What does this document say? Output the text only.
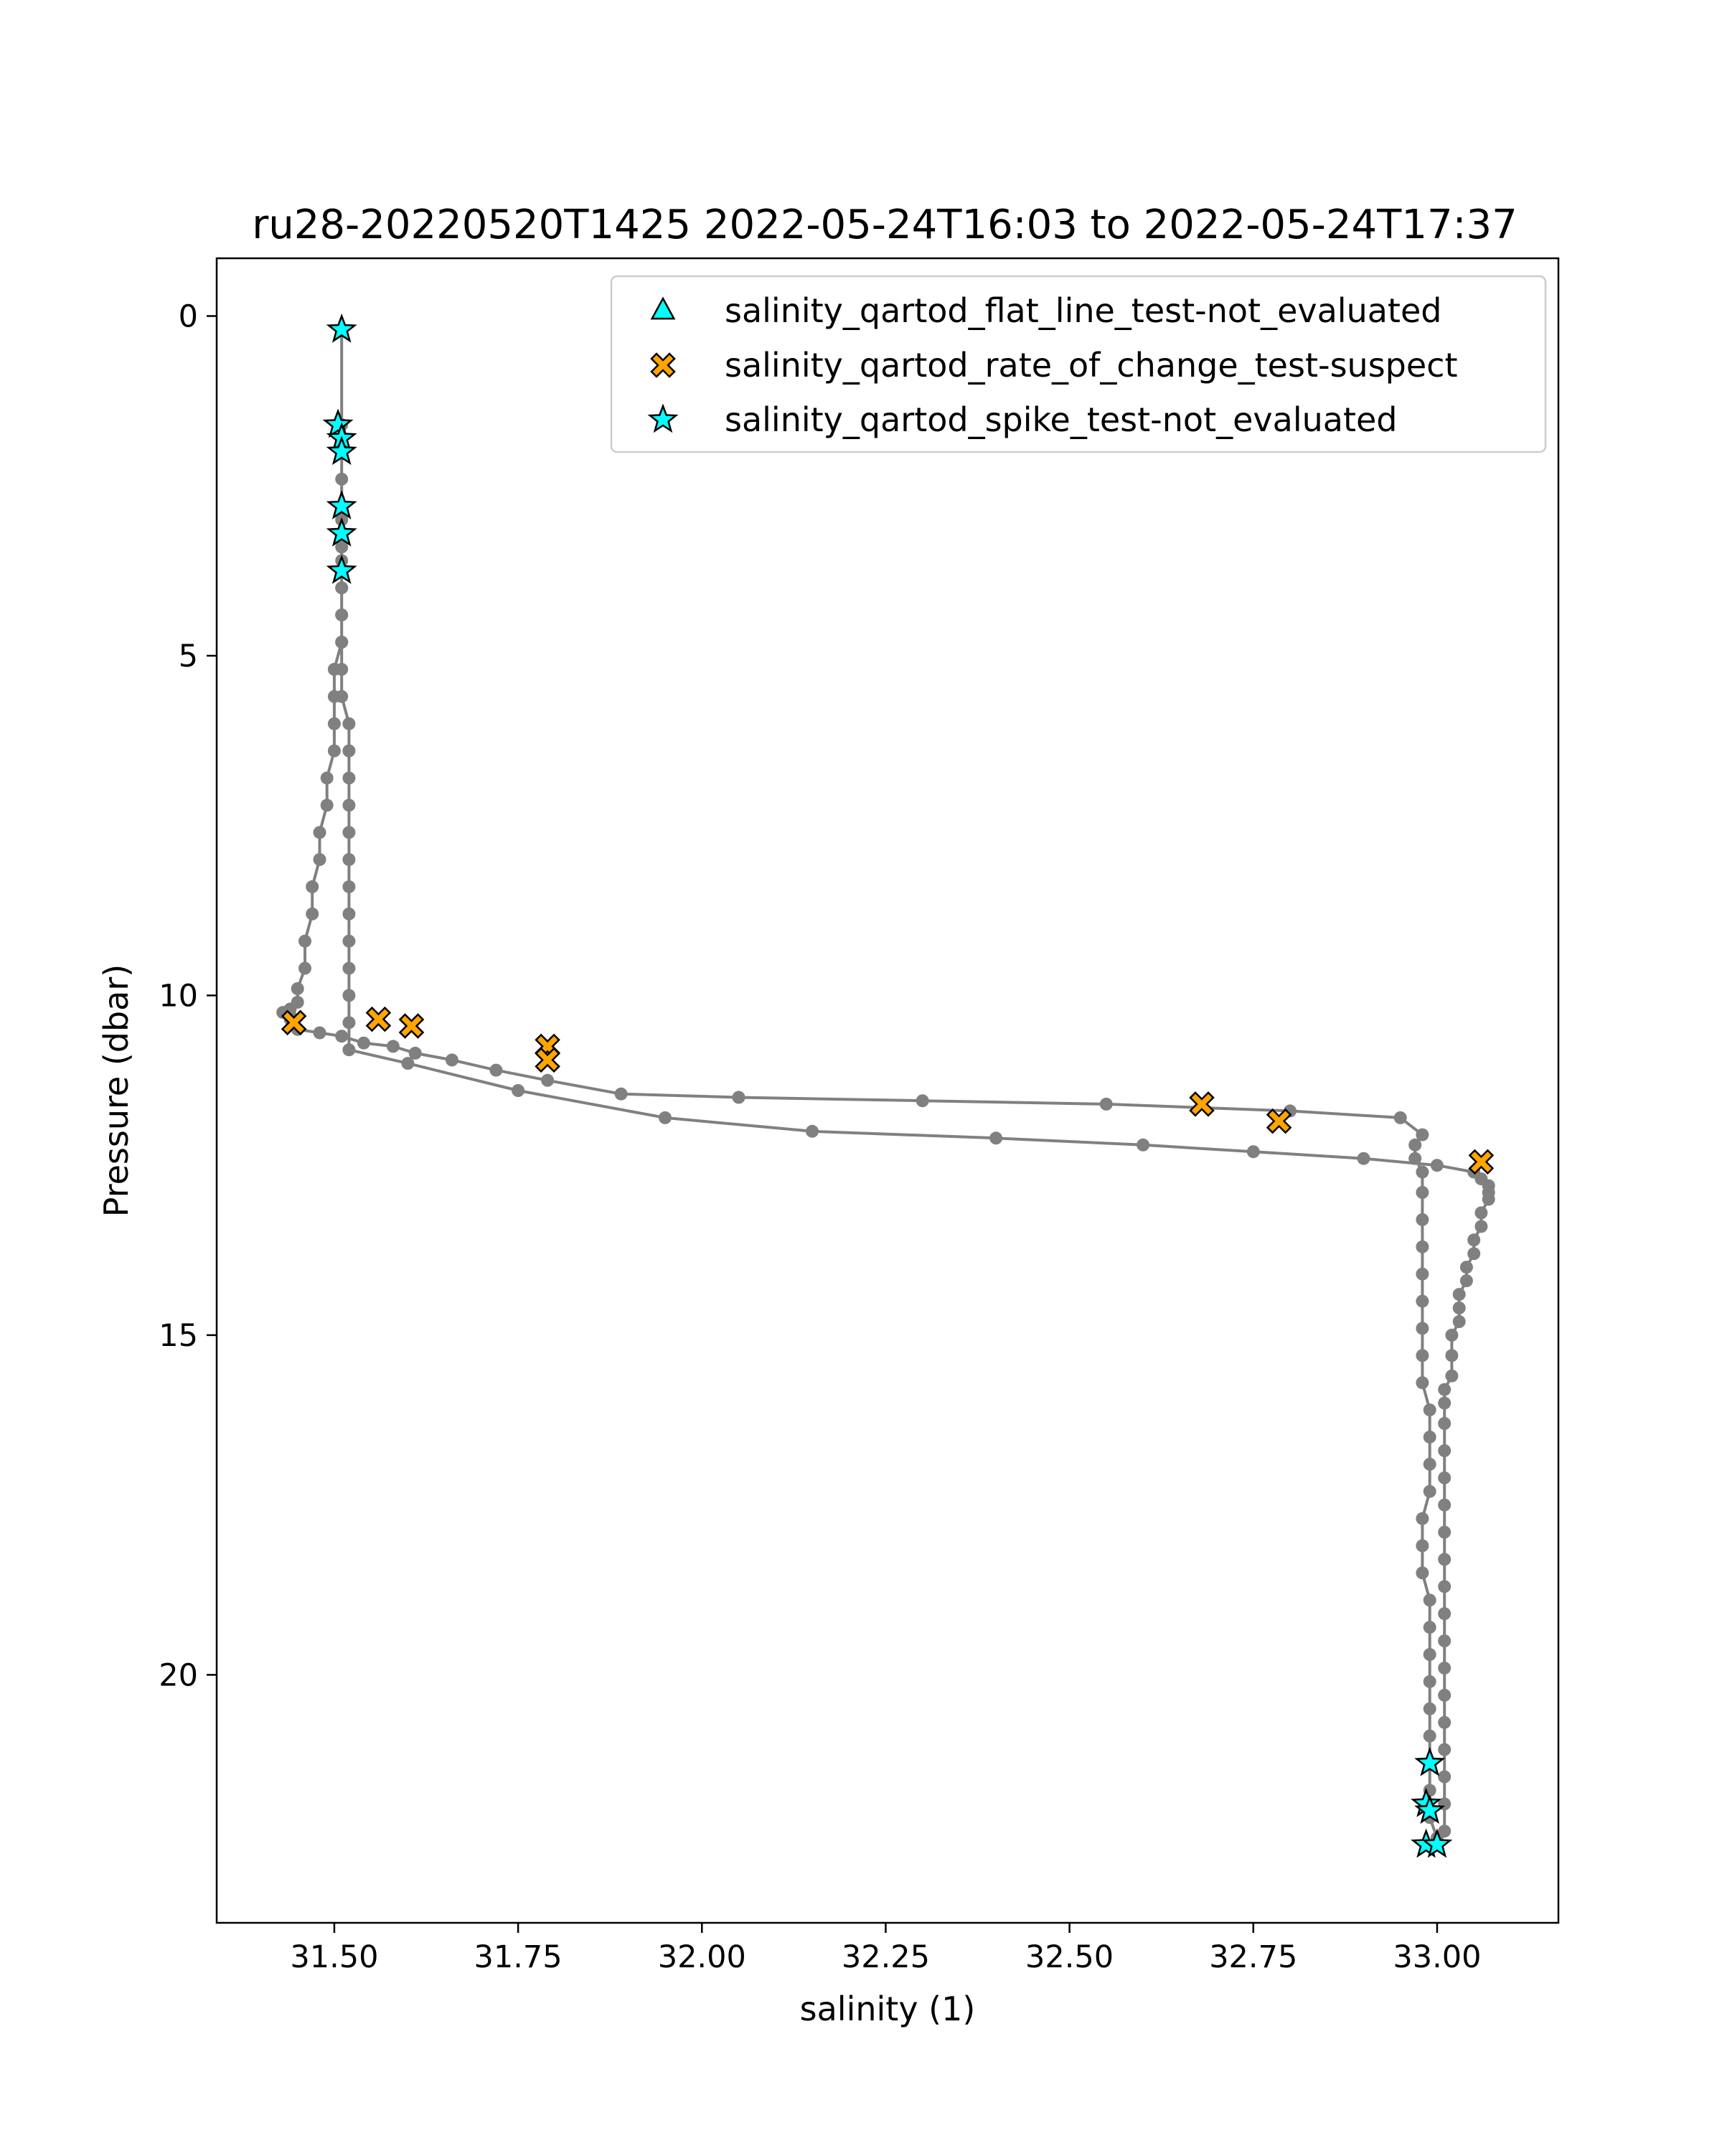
ru28-20220520T1425 2022-05-24T16:03 to 2022-05-24T17:37
31.50	31.75	32.00	32.25	32.50	32.75	33.00
0
5
10
15
20
salinity (1)
Pressure (dbar)
salinity_qartod_flat_line_test-not_evaluated
salinity_qartod_rate_of_change_test-suspect
salinity_qartod_spike_test-not_evaluated
